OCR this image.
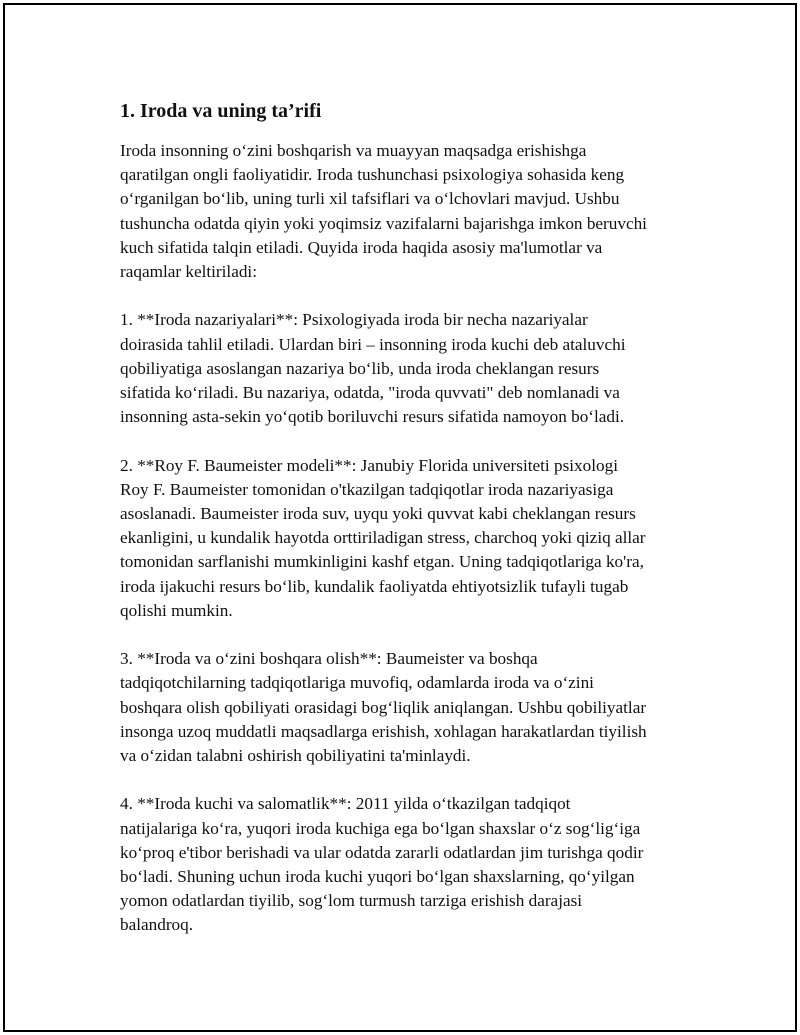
1. Iroda va uning ta’rifi

Iroda insonning o‘zini boshqarish va muayyan maqsadga erishishga
qaratilgan ongli faoliyatidir. Iroda tushunchasi psixologiya sohasida keng
o‘rganilgan bo‘lib, uning turli xil tafsiflari va o‘lchovlari mavjud. Ushbu
tushuncha odatda qiyin yoki yoqimsiz vazifalarni bajarishga imkon beruvchi
kuch sifatida talqin etiladi. Quyida iroda haqida asosiy ma'lumotlar va
raqamlar keltiriladi:

1. **Iroda nazariyalari**: Psixologiyada iroda bir necha nazariyalar
doirasida tahlil etiladi. Ulardan biri – insonning iroda kuchi deb ataluvchi
qobiliyatiga asoslangan nazariya bo‘lib, unda iroda cheklangan resurs
sifatida ko‘riladi. Bu nazariya, odatda, "iroda quvvati" deb nomlanadi va
insonning asta-sekin yo‘qotib boriluvchi resurs sifatida namoyon bo‘ladi.

2. **Roy F. Baumeister modeli**: Janubiy Florida universiteti psixologi
Roy F. Baumeister tomonidan o'tkazilgan tadqiqotlar iroda nazariyasiga
asoslanadi. Baumeister iroda suv, uyqu yoki quvvat kabi cheklangan resurs
ekanligini, u kundalik hayotda orttiriladigan stress, charchoq yoki qiziq allar
tomonidan sarflanishi mumkinligini kashf etgan. Uning tadqiqotlariga ko'ra,
iroda ijakuchi resurs bo‘lib, kundalik faoliyatda ehtiyotsizlik tufayli tugab
qolishi mumkin.

3. **Iroda va o‘zini boshqara olish**: Baumeister va boshqa
tadqiqotchilarning tadqiqotlariga muvofiq, odamlarda iroda va o‘zini
boshqara olish qobiliyati orasidagi bog‘liqlik aniqlangan. Ushbu qobiliyatlar
insonga uzoq muddatli maqsadlarga erishish, xohlagan harakatlardan tiyilish
va o‘zidan talabni oshirish qobiliyatini ta'minlaydi.

4. **Iroda kuchi va salomatlik**: 2011 yilda o‘tkazilgan tadqiqot
natijalariga ko‘ra, yuqori iroda kuchiga ega bo‘lgan shaxslar o‘z sog‘lig‘iga
ko‘proq e'tibor berishadi va ular odatda zararli odatlardan jim turishga qodir
bo‘ladi. Shuning uchun iroda kuchi yuqori bo‘lgan shaxslarning, qo‘yilgan
yomon odatlardan tiyilib, sog‘lom turmush tarziga erishish darajasi
balandroq.
